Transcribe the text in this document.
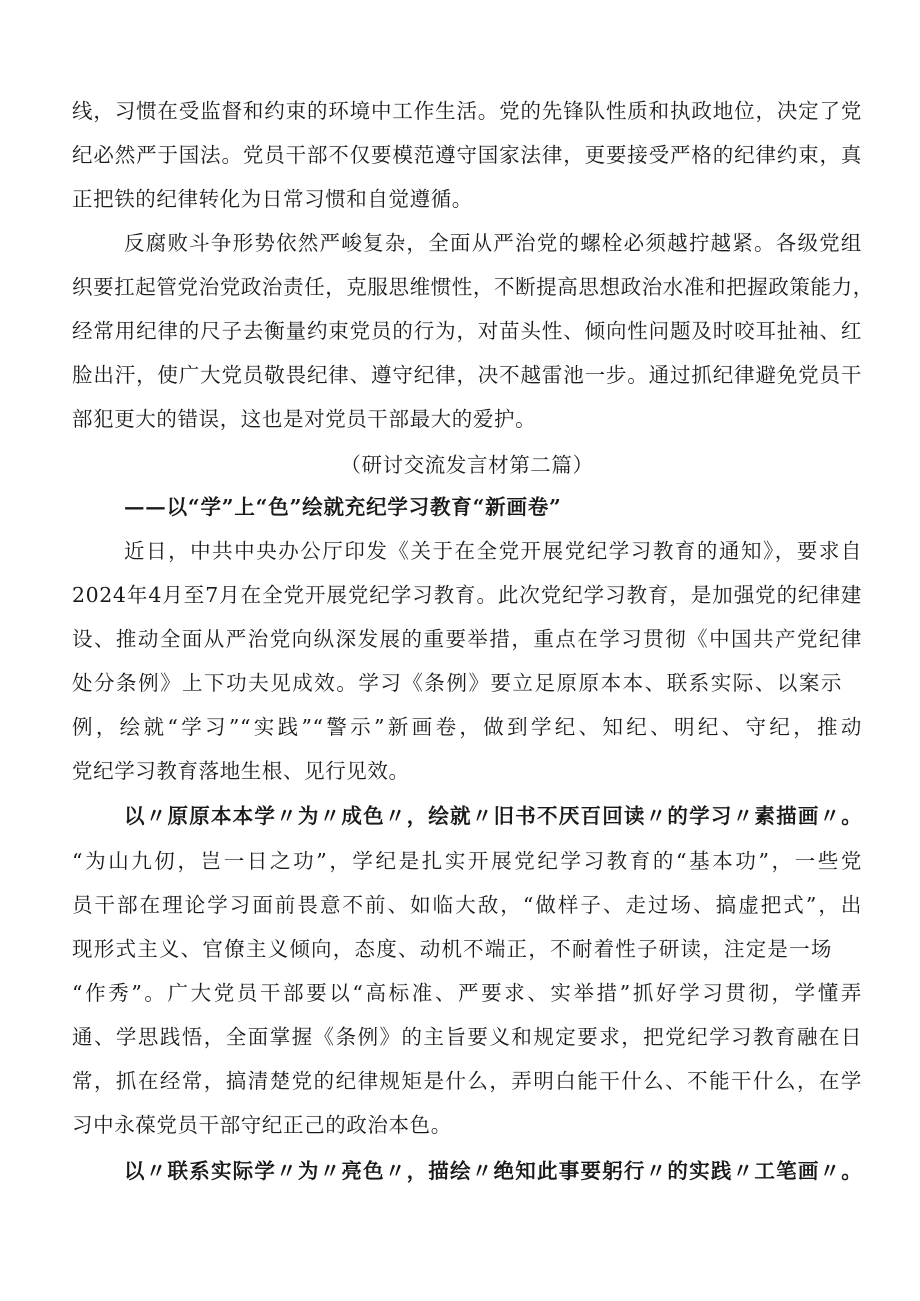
线，习惯在受监督和约束的环境中工作生活。党的先锋队性质和执政地位，决定了党
纪必然严于国法。党员干部不仅要模范遵守国家法律，更要接受严格的纪律约束，真
正把铁的纪律转化为日常习惯和自觉遵循。
反腐败斗争形势依然严峻复杂，全面从严治党的螺栓必须越拧越紧。各级党组
织要扛起管党治党政治责任，克服思维惯性，不断提高思想政治水准和把握政策能力，
经常用纪律的尺子去衡量约束党员的行为，对苗头性、倾向性问题及时咬耳扯袖、红
脸出汗，使广大党员敬畏纪律、遵守纪律，决不越雷池一步。通过抓纪律避免党员干
部犯更大的错误，这也是对党员干部最大的爱护。
（研讨交流发言材第二篇）
——以“学”上“色”绘就充纪学习教育“新画卷”
近日，中共中央办公厅印发《关于在全党开展党纪学习教育的通知》，要求自
2024年4月至7月在全党开展党纪学习教育。此次党纪学习教育，是加强党的纪律建
设、推动全面从严治党向纵深发展的重要举措，重点在学习贯彻《中国共产党纪律
处分条例》上下功夫见成效。学习《条例》要立足原原本本、联系实际、以案示
例，绘就“学习”“实践”“警示”新画卷，做到学纪、知纪、明纪、守纪，推动
党纪学习教育落地生根、见行见效。
以〃原原本本学〃为〃成色〃，绘就〃旧书不厌百回读〃的学习〃素描画〃。
“为山九仞，岂一日之功”，学纪是扎实开展党纪学习教育的“基本功”，一些党
员干部在理论学习面前畏意不前、如临大敌，“做样子、走过场、搞虚把式”，出
现形式主义、官僚主义倾向，态度、动机不端正，不耐着性子研读，注定是一场
“作秀”。广大党员干部要以“高标准、严要求、实举措”抓好学习贯彻，学懂弄
通、学思践悟，全面掌握《条例》的主旨要义和规定要求，把党纪学习教育融在日
常，抓在经常，搞清楚党的纪律规矩是什么，弄明白能干什么、不能干什么，在学
习中永葆党员干部守纪正己的政治本色。
以〃联系实际学〃为〃亮色〃，描绘〃绝知此事要躬行〃的实践〃工笔画〃。
